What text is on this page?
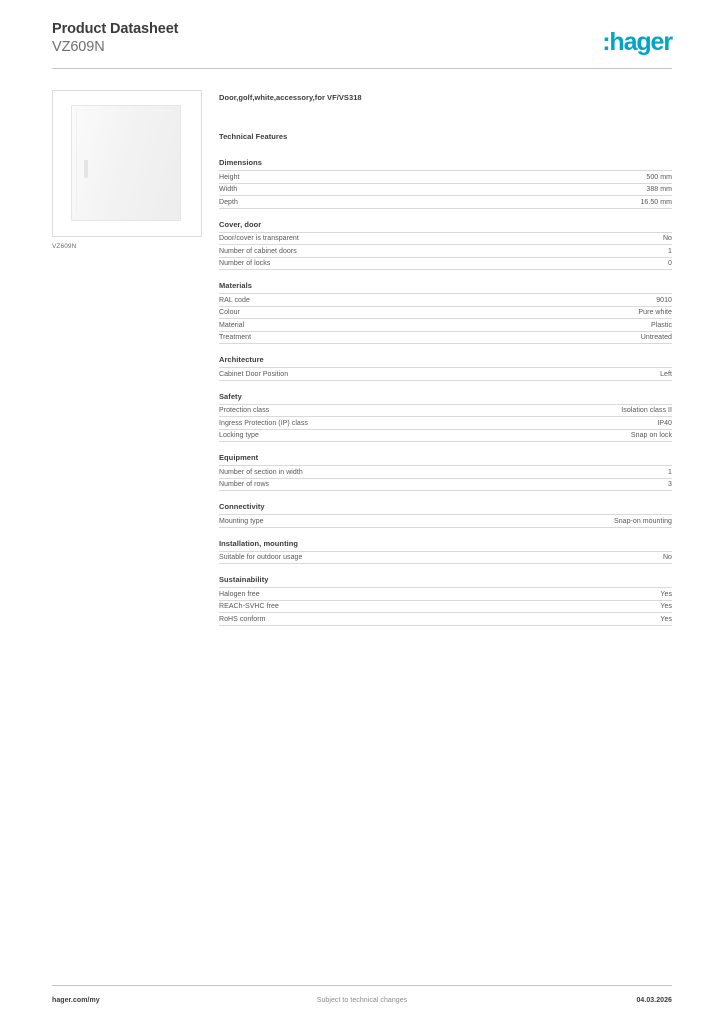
Product Datasheet
VZ609N	:hager
VZ609N
Door,golf,white,accessory,for VF/VS318
Technical Features
Dimensions
Height	500 mm
Width	388 mm
Depth	16.50 mm
Cover, door
Door/cover is transparent	No
Number of cabinet doors	1
Number of locks	0
Materials
RAL code	9010
Colour	Pure white
Material	Plastic
Treatment	Untreated
Architecture
Cabinet Door Position	Left
Safety
Protection class	Isolation class II
Ingress Protection (IP) class	IP40
Locking type	Snap on lock
Equipment
Number of section in width	1
Number of rows	3
Connectivity
Mounting type	Snap-on mounting
Installation, mounting
Suitable for outdoor usage	No
Sustainability
Halogen free	Yes
REACh-SVHC free	Yes
RoHS conform	Yes
Subject to technical changes
hager.com/my	04.03.2026
